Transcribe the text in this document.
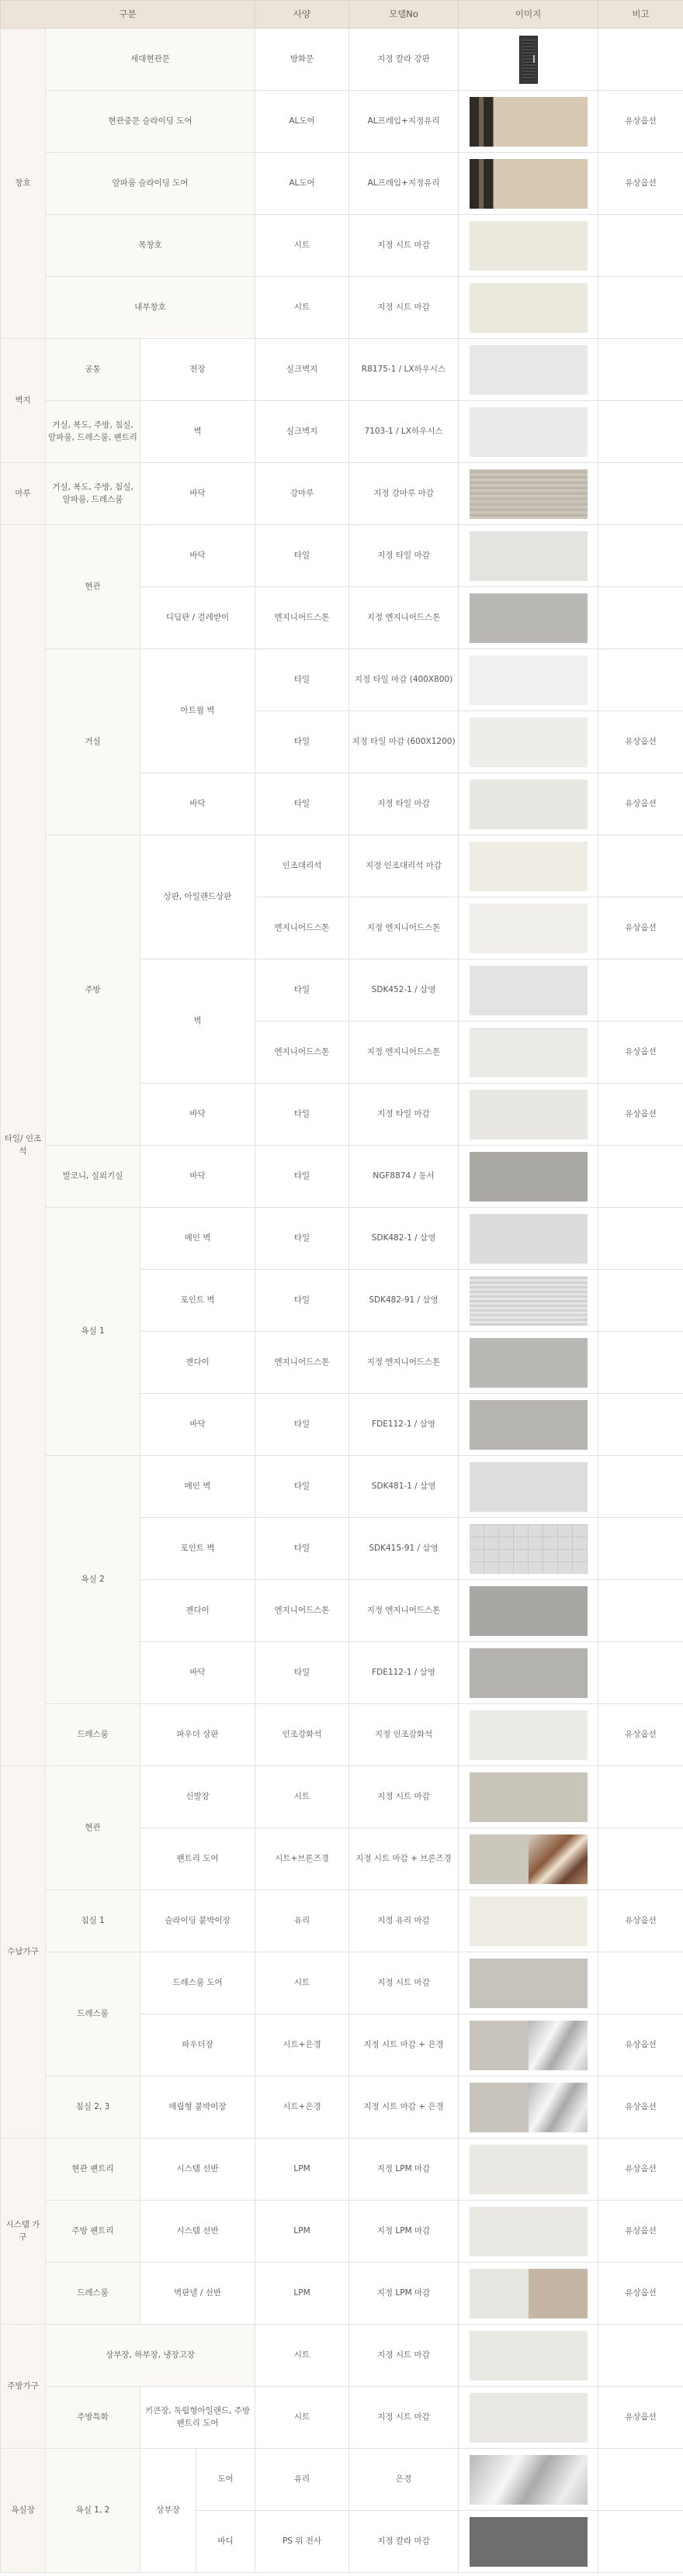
구분				사양	모델No	이미지	비고
창호	세대현관문			방화문	지정 칼라 강판	

	현관중문 슬라이딩 도어			AL도어	AL프레임+지정유리		유상옵션
	알파룸 슬라이딩 도어			AL도어	AL프레임+지정유리		유상옵션
	목창호			시트	지정 시트 마감	

	내부창호			시트	지정 시트 마감	

벽지	공통	천장		실크벽지	R8175-1 / LX하우시스	

	거실, 복도, 주방, 침실, 알파룸, 드레스룸, 팬트리	벽		실크벽지	7103-1 / LX하우시스	

마루	거실, 복도, 주방, 침실, 알파룸, 드레스룸	바닥		강마루	지정 강마루 마감	

타일/ 인조석	현관	바닥		타일	지정 타일 마감	

		디딤판 / 걸레받이		엔지니어드스톤	지정 엔지니어드스톤	

	거실	아트월 벽		타일	지정 타일 마감 (400X800)	

				타일	지정 타일 마감 (600X1200)		유상옵션
		바닥		타일	지정 타일 마감		유상옵션
	주방	상판, 아일랜드상판		인조대리석	지정 인조대리석 마감	

				엔지니어드스톤	지정 엔지니어드스톤		유상옵션
		벽		타일	SDK452-1 / 삼영	

				엔지니어드스톤	지정 엔지니어드스톤		유상옵션
		바닥		타일	지정 타일 마감		유상옵션
	발코니, 실외기실	바닥		타일	NGF8874 / 동서	

	욕실 1	메인 벽		타일	SDK482-1 / 삼영	

		포인트 벽		타일	SDK482-91 / 삼영	

		젠다이		엔지니어드스톤	지정 엔지니어드스톤	

		바닥		타일	FDE112-1 / 삼영	

	욕실 2	메인 벽		타일	SDK481-1 / 삼영	

		포인트 벽		타일	SDK415-91 / 삼영	

		젠다이		엔지니어드스톤	지정 엔지니어드스톤	

		바닥		타일	FDE112-1 / 삼영	

	드레스룸	파우더 상판		인조강화석	지정 인조강화석		유상옵션
수납가구	현관	신발장		시트	지정 시트 마감	

		팬트리 도어		시트+브론즈경	지정 시트 마감 + 브론즈경	

	침실 1	슬라이딩 붙박이장		유리	지정 유리 마감		유상옵션
	드레스룸	드레스룸 도어		시트	지정 시트 마감	

		파우더장		시트+은경	지정 시트 마감 + 은경		유상옵션
	침실 2, 3	매립형 붙박이장		시트+은경	지정 시트 마감 + 은경		유상옵션
시스템 가구	현관 팬트리	시스템 선반		LPM	지정 LPM 마감		유상옵션
	주방 팬트리	시스템 선반		LPM	지정 LPM 마감		유상옵션
	드레스룸	벽판넬 / 선반		LPM	지정 LPM 마감		유상옵션
주방가구	상부장, 하부장, 냉장고장			시트	지정 시트 마감	

	주방특화	키큰장, 독립형아일랜드, 주방 팬트리 도어		시트	지정 시트 마감		유상옵션
욕실장	욕실 1, 2	상부장	도어	유리	은경	

			바디	PS 위 전사	지정 칼라 마감	
